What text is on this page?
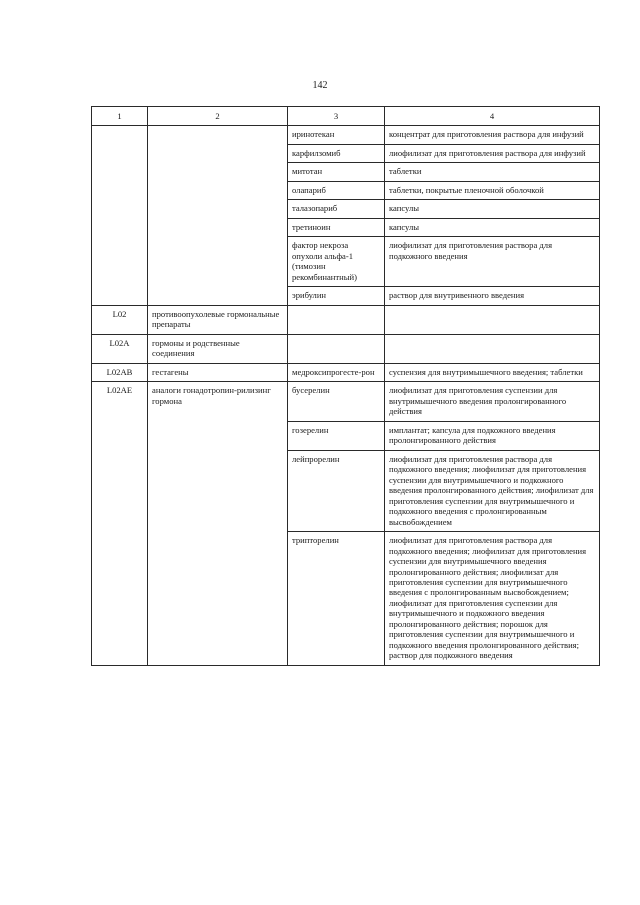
142
1	2	3	4
		иринотекан	концентрат для приготовления раствора для инфузий
		карфилзомиб	лиофилизат для приготовления раствора для инфузий
		митотан	таблетки
		олапариб	таблетки, покрытые пленочной оболочкой
		талазопариб	капсулы
		третиноин	капсулы
		фактор некроза опухоли альфа-1 (тимозин рекомбинантный)	лиофилизат для приготовления раствора для подкожного введения
		эрибулин	раствор для внутривенного введения
L02	противоопухолевые гормональные препараты		
L02A	гормоны и родственные соединения		
L02AB	гестагены	медроксипрогесте-рон	суспензия для внутримышечного введения; таблетки
L02AE	аналоги гонадотропин-рилизинг гормона	бусерелин	лиофилизат для приготовления суспензии для внутримышечного введения пролонгированного действия
		гозерелин	имплантат; капсула для подкожного введения пролонгированного действия
		лейпрорелин	лиофилизат для приготовления раствора для подкожного введения; лиофилизат для приготовления суспензии для внутримышечного и подкожного введения пролонгированного действия; лиофилизат для приготовления суспензии для внутримышечного и подкожного введения с пролонгированным высвобождением
		трипторелин	лиофилизат для приготовления раствора для подкожного введения; лиофилизат для приготовления суспензии для внутримышечного введения пролонгированного действия; лиофилизат для приготовления суспензии для внутримышечного введения с пролонгированным высвобождением; лиофилизат для приготовления суспензии для внутримышечного и подкожного введения пролонгированного действия; порошок для приготовления суспензии для внутримышечного и подкожного введения пролонгированного действия; раствор для подкожного введения
